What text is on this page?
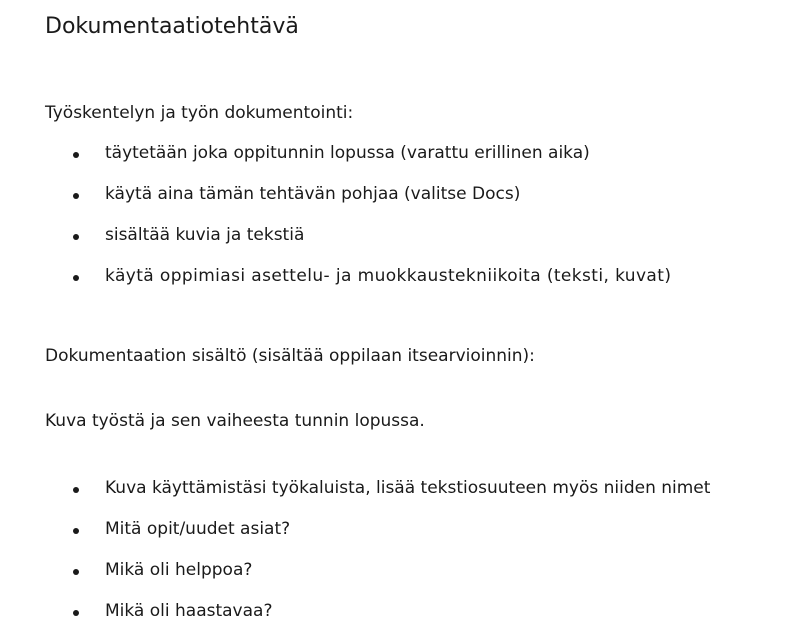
Dokumentaatiotehtävä

Työskentelyn ja työn dokumentointi:

täytetään joka oppitunnin lopussa (varattu erillinen aika)
käytä aina tämän tehtävän pohjaa (valitse Docs)
sisältää kuvia ja tekstiä
käytä oppimiasi asettelu- ja muokkaustekniikoita (teksti, kuvat)

Dokumentaation sisältö (sisältää oppilaan itsearvioinnin):

Kuva työstä ja sen vaiheesta tunnin lopussa.

Kuva käyttämistäsi työkaluista, lisää tekstiosuuteen myös niiden nimet
Mitä opit/uudet asiat?
Mikä oli helppoa?
Mikä oli haastavaa?
